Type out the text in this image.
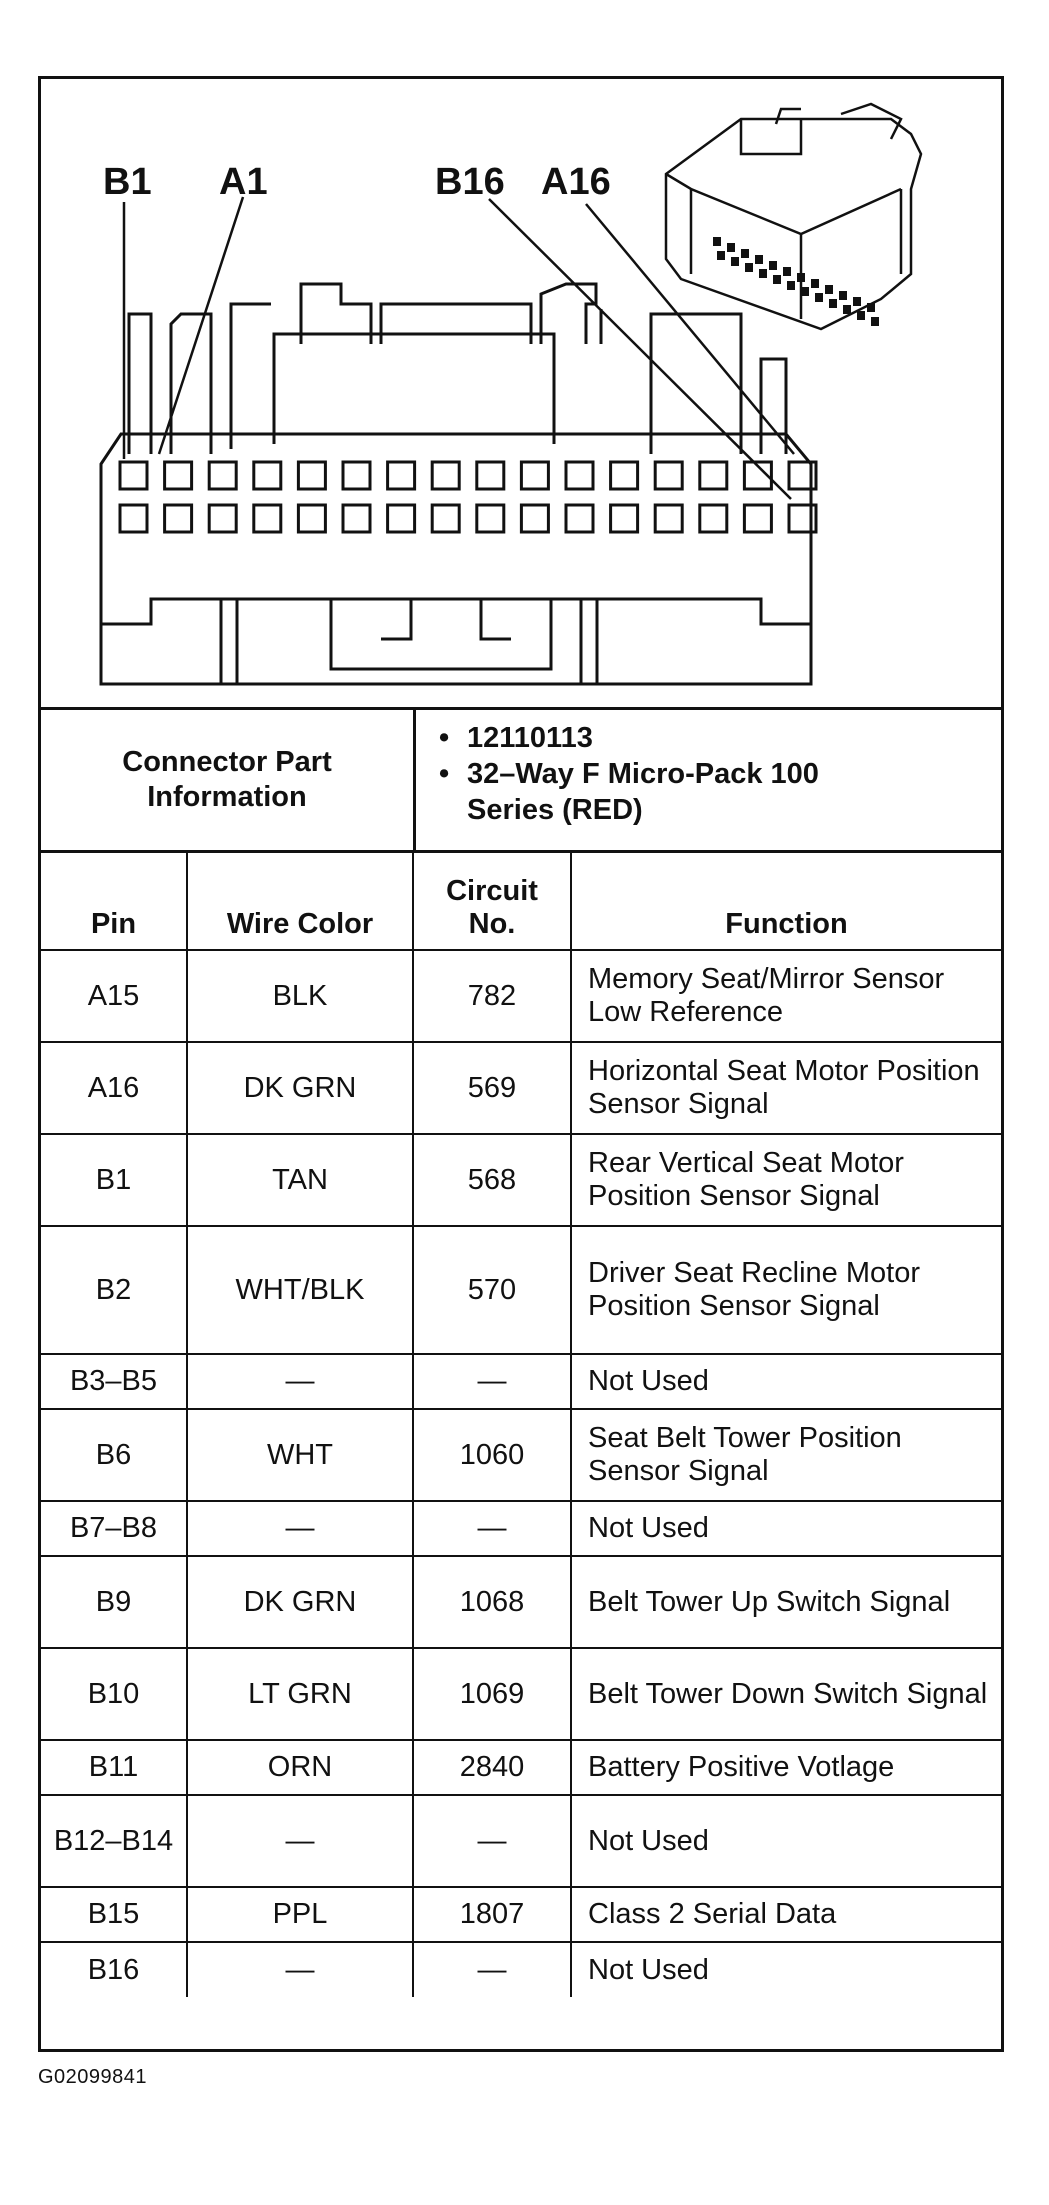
B1 A1	B16 A16
Connector Part Information
• 12110113
• 32–Way F Micro-Pack 100 Series (RED)
Pin	Wire Color	Circuit No.	Function
A15	BLK	782	Memory Seat/Mirror Sensor Low Reference
A16	DK GRN	569	Horizontal Seat Motor Position Sensor Signal
B1	TAN	568	Rear Vertical Seat Motor Position Sensor Signal
B2	WHT/BLK	570	Driver Seat Recline Motor Position Sensor Signal
B3–B5	—	—	Not Used
B6	WHT	1060	Seat Belt Tower Position Sensor Signal
B7–B8	—	—	Not Used
B9	DK GRN	1068	Belt Tower Up Switch Signal
B10	LT GRN	1069	Belt Tower Down Switch Signal
B11	ORN	2840	Battery Positive Votlage
B12–B14	—	—	Not Used
B15	PPL	1807	Class 2 Serial Data
B16	—	—	Not Used
G02099841
